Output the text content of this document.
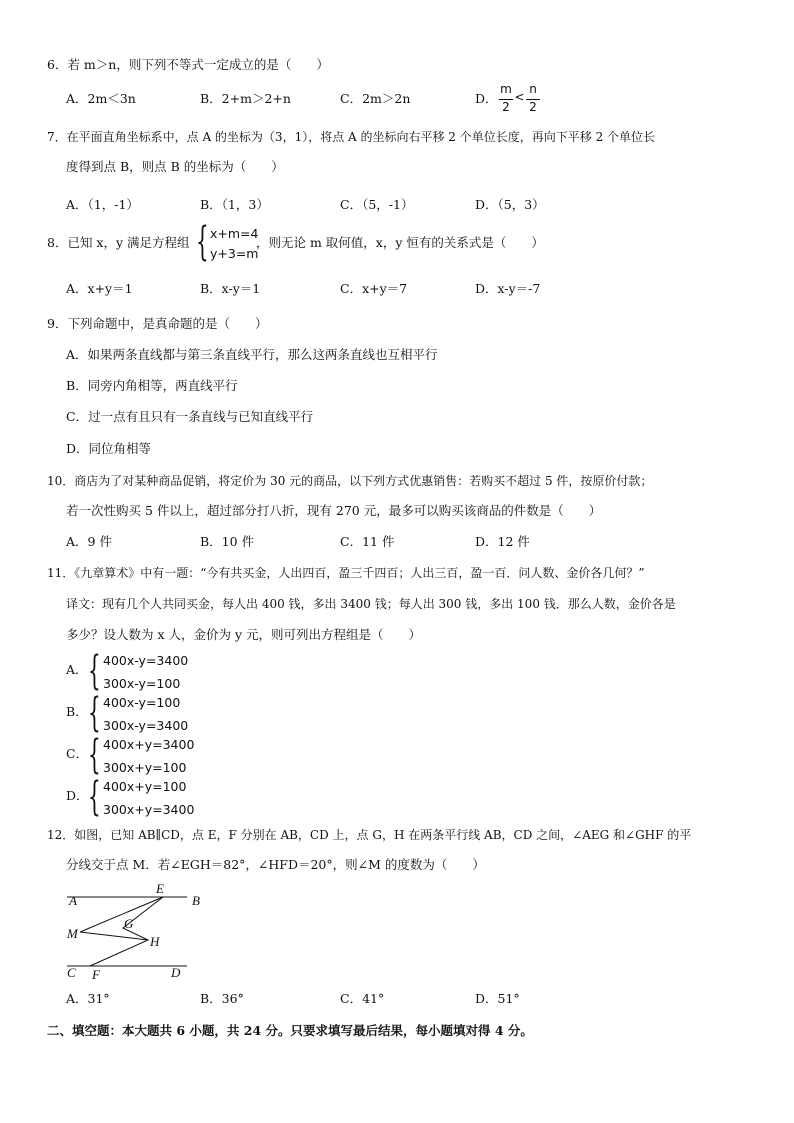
6．若 m＞n，则下列不等式一定成立的是（　　）
A．2m＜3n	B．2+m＞2+n	C．2m＞2n	D．
m
2
<
n
2
7．在平面直角坐标系中，点 A 的坐标为（3，1），将点 A 的坐标向右平移 2 个单位长度，再向下平移 2 个单位长
度得到点 B，则点 B 的坐标为（　　）
A．（1，-1）	B．（1，3）	C．（5，-1）	D．（5，3）
8．已知 x，y 满足方程组 { x+m=4
y+3=m
，则无论 m 取何值，x，y 恒有的关系式是（　　）
A．x+y＝1	B．x-y＝1	C．x+y＝7	D．x-y＝-7
9．下列命题中，是真命题的是（　　）
A．如果两条直线都与第三条直线平行，那么这两条直线也互相平行
B．同旁内角相等，两直线平行
C．过一点有且只有一条直线与已知直线平行
D．同位角相等
10．商店为了对某种商品促销，将定价为 30 元的商品，以下列方式优惠销售：若购买不超过 5 件，按原价付款；
若一次性购买 5 件以上，超过部分打八折，现有 270 元，最多可以购买该商品的件数是（　　）
A．9 件	B．10 件	C．11 件	D．12 件
11．《九章算术》中有一题：“今有共买金，人出四百，盈三千四百；人出三百，盈一百．问人数、金价各几何？”
译文：现有几个人共同买金，每人出 400 钱，多出 3400 钱；每人出 300 钱，多出 100 钱．那么人数，金价各是
多少？设人数为 x 人，金价为 y 元，则可列出方程组是（　　）
A． { 400x-y=3400
300x-y=100
B． { 400x-y=100
300x-y=3400
C． { 400x+y=3400
300x+y=100
D． { 400x+y=100
300x+y=3400
12．如图，已知 AB∥CD，点 E，F 分别在 AB，CD 上，点 G，H 在两条平行线 AB，CD 之间，∠AEG 和∠GHF 的平
分线交于点 M．若∠EGH＝82°，∠HFD＝20°，则∠M 的度数为（　　）
A
E
B
M
G
H
C F	D
A．31°	B．36°	C．41°	D．51°
二、填空题：本大题共 6 小题，共 24 分。只要求填写最后结果，每小题填对得 4 分。
